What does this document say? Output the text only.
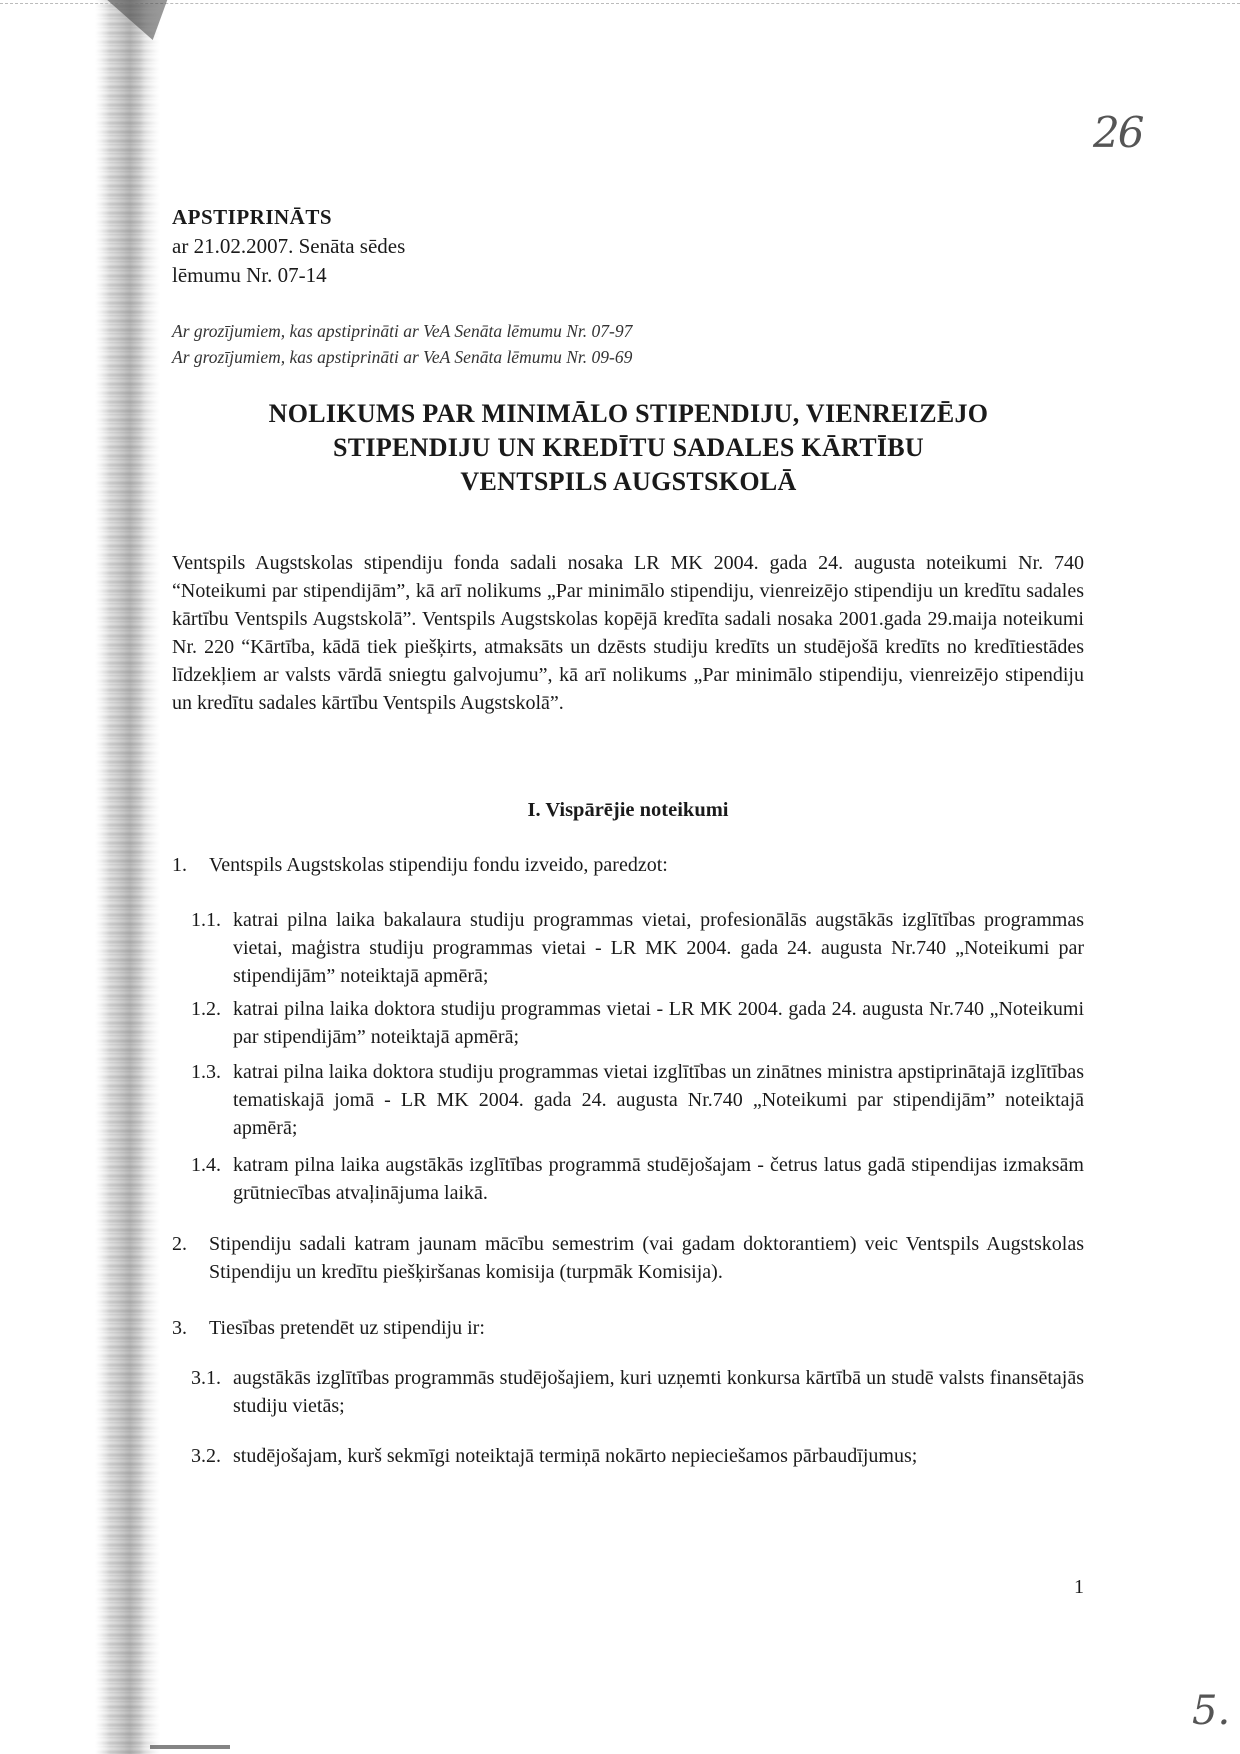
26
APSTIPRINĀTS
ar 21.02.2007. Senāta sēdes
lēmumu Nr. 07-14
Ar grozījumiem, kas apstiprināti ar VeA Senāta lēmumu Nr. 07-97
Ar grozījumiem, kas apstiprināti ar VeA Senāta lēmumu Nr. 09-69
NOLIKUMS PAR MINIMĀLO STIPENDIJU, VIENREIZĒJO
STIPENDIJU UN KREDĪTU SADALES KĀRTĪBU
VENTSPILS AUGSTSKOLĀ
Ventspils Augstskolas stipendiju fonda sadali nosaka LR MK 2004. gada 24. augusta noteikumi Nr. 740 “Noteikumi par stipendijām”, kā arī nolikums „Par minimālo stipendiju, vienreizējo stipendiju un kredītu sadales kārtību Ventspils Augstskolā”. Ventspils Augstskolas kopējā kredīta sadali nosaka 2001.gada 29.maija noteikumi Nr. 220 “Kārtība, kādā tiek piešķirts, atmaksāts un dzēsts studiju kredīts un studējošā kredīts no kredītiestādes līdzekļiem ar valsts vārdā sniegtu galvojumu”, kā arī nolikums „Par minimālo stipendiju, vienreizējo stipendiju un kredītu sadales kārtību Ventspils Augstskolā”.
I. Vispārējie noteikumi
1.	Ventspils Augstskolas stipendiju fondu izveido, paredzot:
1.1. katrai pilna laika bakalaura studiju programmas vietai, profesionālās augstākās izglītības programmas vietai, maģistra studiju programmas vietai - LR MK 2004. gada 24. augusta Nr.740 „Noteikumi par stipendijām” noteiktajā apmērā;
1.2. katrai pilna laika doktora studiju programmas vietai - LR MK 2004. gada 24. augusta Nr.740 „Noteikumi par stipendijām” noteiktajā apmērā;
1.3. katrai pilna laika doktora studiju programmas vietai izglītības un zinātnes ministra apstiprinātajā izglītības tematiskajā jomā - LR MK 2004. gada 24. augusta Nr.740 „Noteikumi par stipendijām” noteiktajā apmērā;
1.4. katram pilna laika augstākās izglītības programmā studējošajam - četrus latus gadā stipendijas izmaksām grūtniecības atvaļinājuma laikā.
2.	Stipendiju sadali katram jaunam mācību semestrim (vai gadam doktorantiem) veic Ventspils Augstskolas Stipendiju un kredītu piešķiršanas komisija (turpmāk Komisija).
3.	Tiesības pretendēt uz stipendiju ir:
3.1. augstākās izglītības programmās studējošajiem, kuri uzņemti konkursa kārtībā un studē valsts finansētajās studiju vietās;
3.2. studējošajam, kurš sekmīgi noteiktajā termiņā nokārto nepieciešamos pārbaudījumus;
1
5.
